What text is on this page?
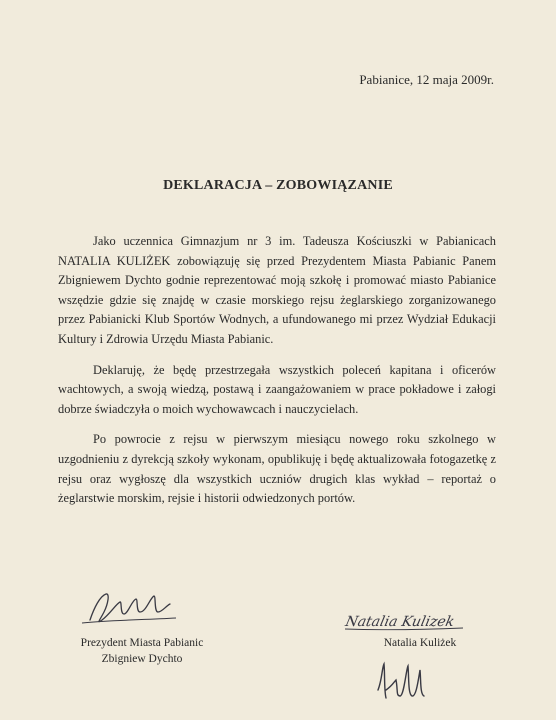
Pabianice, 12 maja 2009r.
DEKLARACJA – ZOBOWIĄZANIE

Jako uczennica Gimnazjum nr 3 im. Tadeusza Kościuszki w Pabianicach NATALIA KULIŻEK zobowiązuję się przed Prezydentem Miasta Pabianic Panem Zbigniewem Dychto godnie reprezentować moją szkołę i promować miasto Pabianice wszędzie gdzie się znajdę w czasie morskiego rejsu żeglarskiego zorganizowanego przez Pabianicki Klub Sportów Wodnych, a ufundowanego mi przez Wydział Edukacji Kultury i Zdrowia Urzędu Miasta Pabianic.

Deklaruję, że będę przestrzegała wszystkich poleceń kapitana i oficerów wachtowych, a swoją wiedzą, postawą i zaangażowaniem w prace pokładowe i załogi dobrze świadczyła o moich wychowawcach i nauczycielach.

Po powrocie z rejsu w pierwszym miesiącu nowego roku szkolnego w uzgodnieniu z dyrekcją szkoły wykonam, opublikuję i będę aktualizowała fotogazetkę z rejsu oraz wygłoszę dla wszystkich uczniów drugich klas wykład – reportaż o żeglarstwie morskim, rejsie i historii odwiedzonych portów.

Natalia Kulizek
Prezydent Miasta Pabianic
Zbigniew Dychto
Natalia Kuliżek
